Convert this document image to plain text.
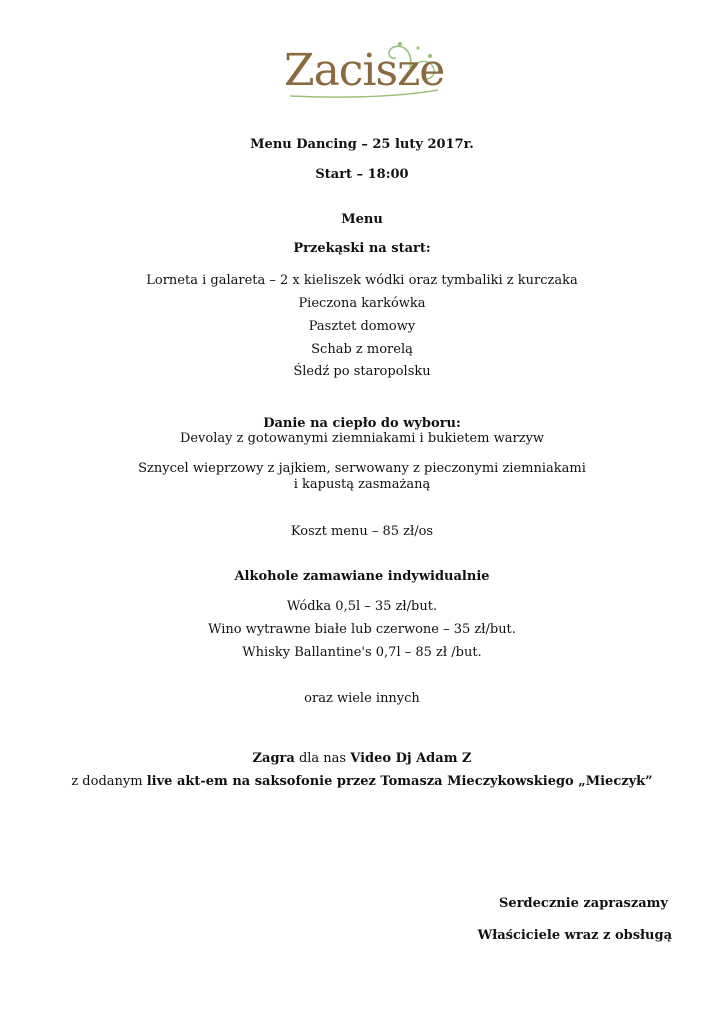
Zacisze
Menu Dancing – 25 luty 2017r.
Start – 18:00
Menu
Przekąski na start:
Lorneta i galareta – 2 x kieliszek wódki oraz tymbaliki z kurczaka
Pieczona karkówka
Pasztet domowy
Schab z morelą
Śledź po staropolsku
Danie na ciepło do wyboru:
Devolay z gotowanymi ziemniakami i bukietem warzyw
Sznycel wieprzowy z jajkiem, serwowany z pieczonymi ziemniakami
i kapustą zasmażaną
Koszt menu – 85 zł/os
Alkohole zamawiane indywidualnie
Wódka 0,5l – 35 zł/but.
Wino wytrawne białe lub czerwone – 35 zł/but.
Whisky Ballantine's 0,7l – 85 zł /but.
oraz wiele innych
Zagra dla nas Video Dj Adam Z
z dodanym live akt-em na saksofonie przez Tomasza Mieczykowskiego „Mieczyk”
Serdecznie zapraszamy
Właściciele wraz z obsługą
